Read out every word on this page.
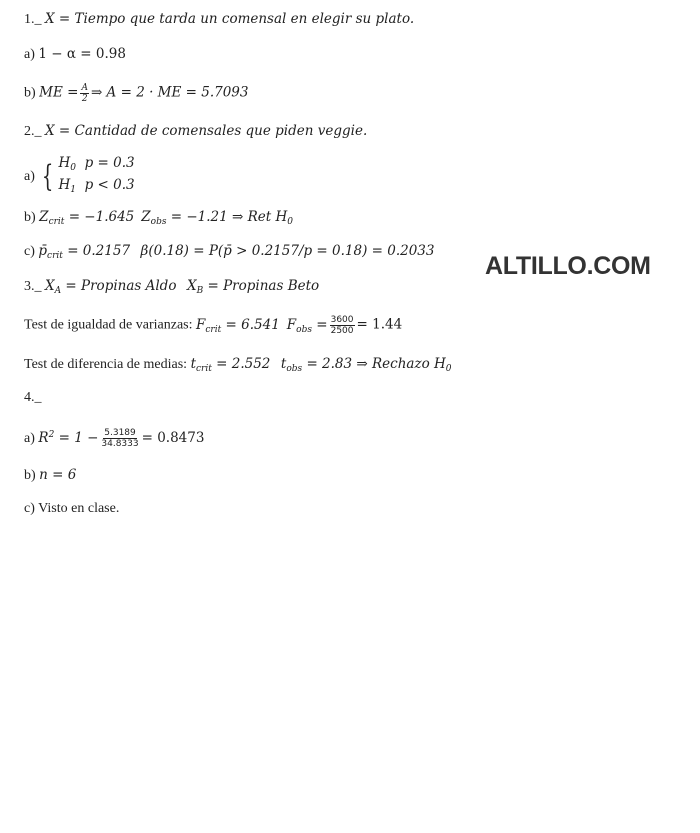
ALTILLO.COM
1._ X = Tiempo que tarda un comensal en elegir su plato.
a) 1 − α = 0.98
b) ME = $\frac{A}{2}$ ⇒ A = 2 · ME = 5.7093
2._ X = Cantidad de comensales que piden veggie.
a) { $H_0$ p = 0.3
$H_1$ p < 0.3
b) $Z_{crit} = -1.645$ $Z_{obs} = -1.21$ ⇒ Ret $H_0$
c) $p̄_{crit} = 0.2157$ β(0.18) = P(p̄ > 0.2157/p = 0.18) = 0.2033
3._ $X_A$ = Propinas Aldo $X_B$ = Propinas Beto
Test de igualdad de varianzas: $F_{crit} = 6.541$ $F_{obs} = \frac{3600}{2500} = 1.44$
Test de diferencia de medias: $t_{crit} = 2.552$ $t_{obs} = 2.83$ ⇒ Rechazo $H_0$
4._
a) $R^2 = 1 - \frac{5.3189}{34.8333} = 0.8473$
b) n = 6
c) Visto en clase.
